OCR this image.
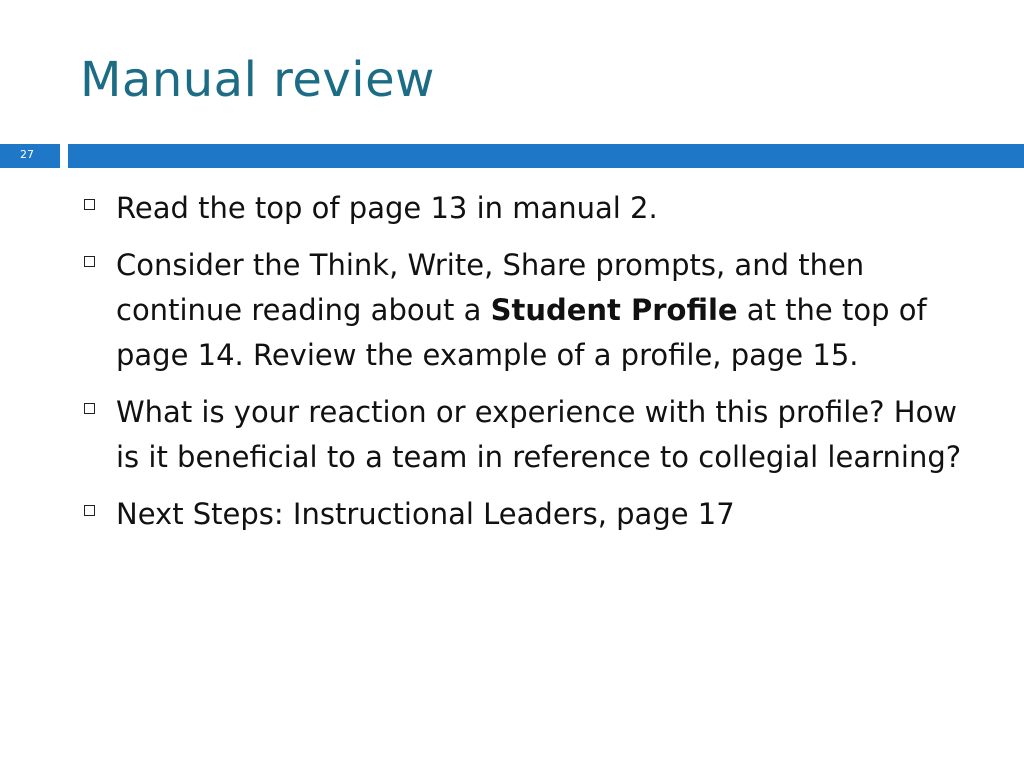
Manual review
27
Read the top of page 13 in manual 2.
Consider the Think, Write, Share prompts, and then continue reading about a Student Profile at the top of page 14. Review the example of a profile, page 15.
What is your reaction or experience with this profile? How is it beneficial to a team in reference to collegial learning?
Next Steps: Instructional Leaders, page 17
